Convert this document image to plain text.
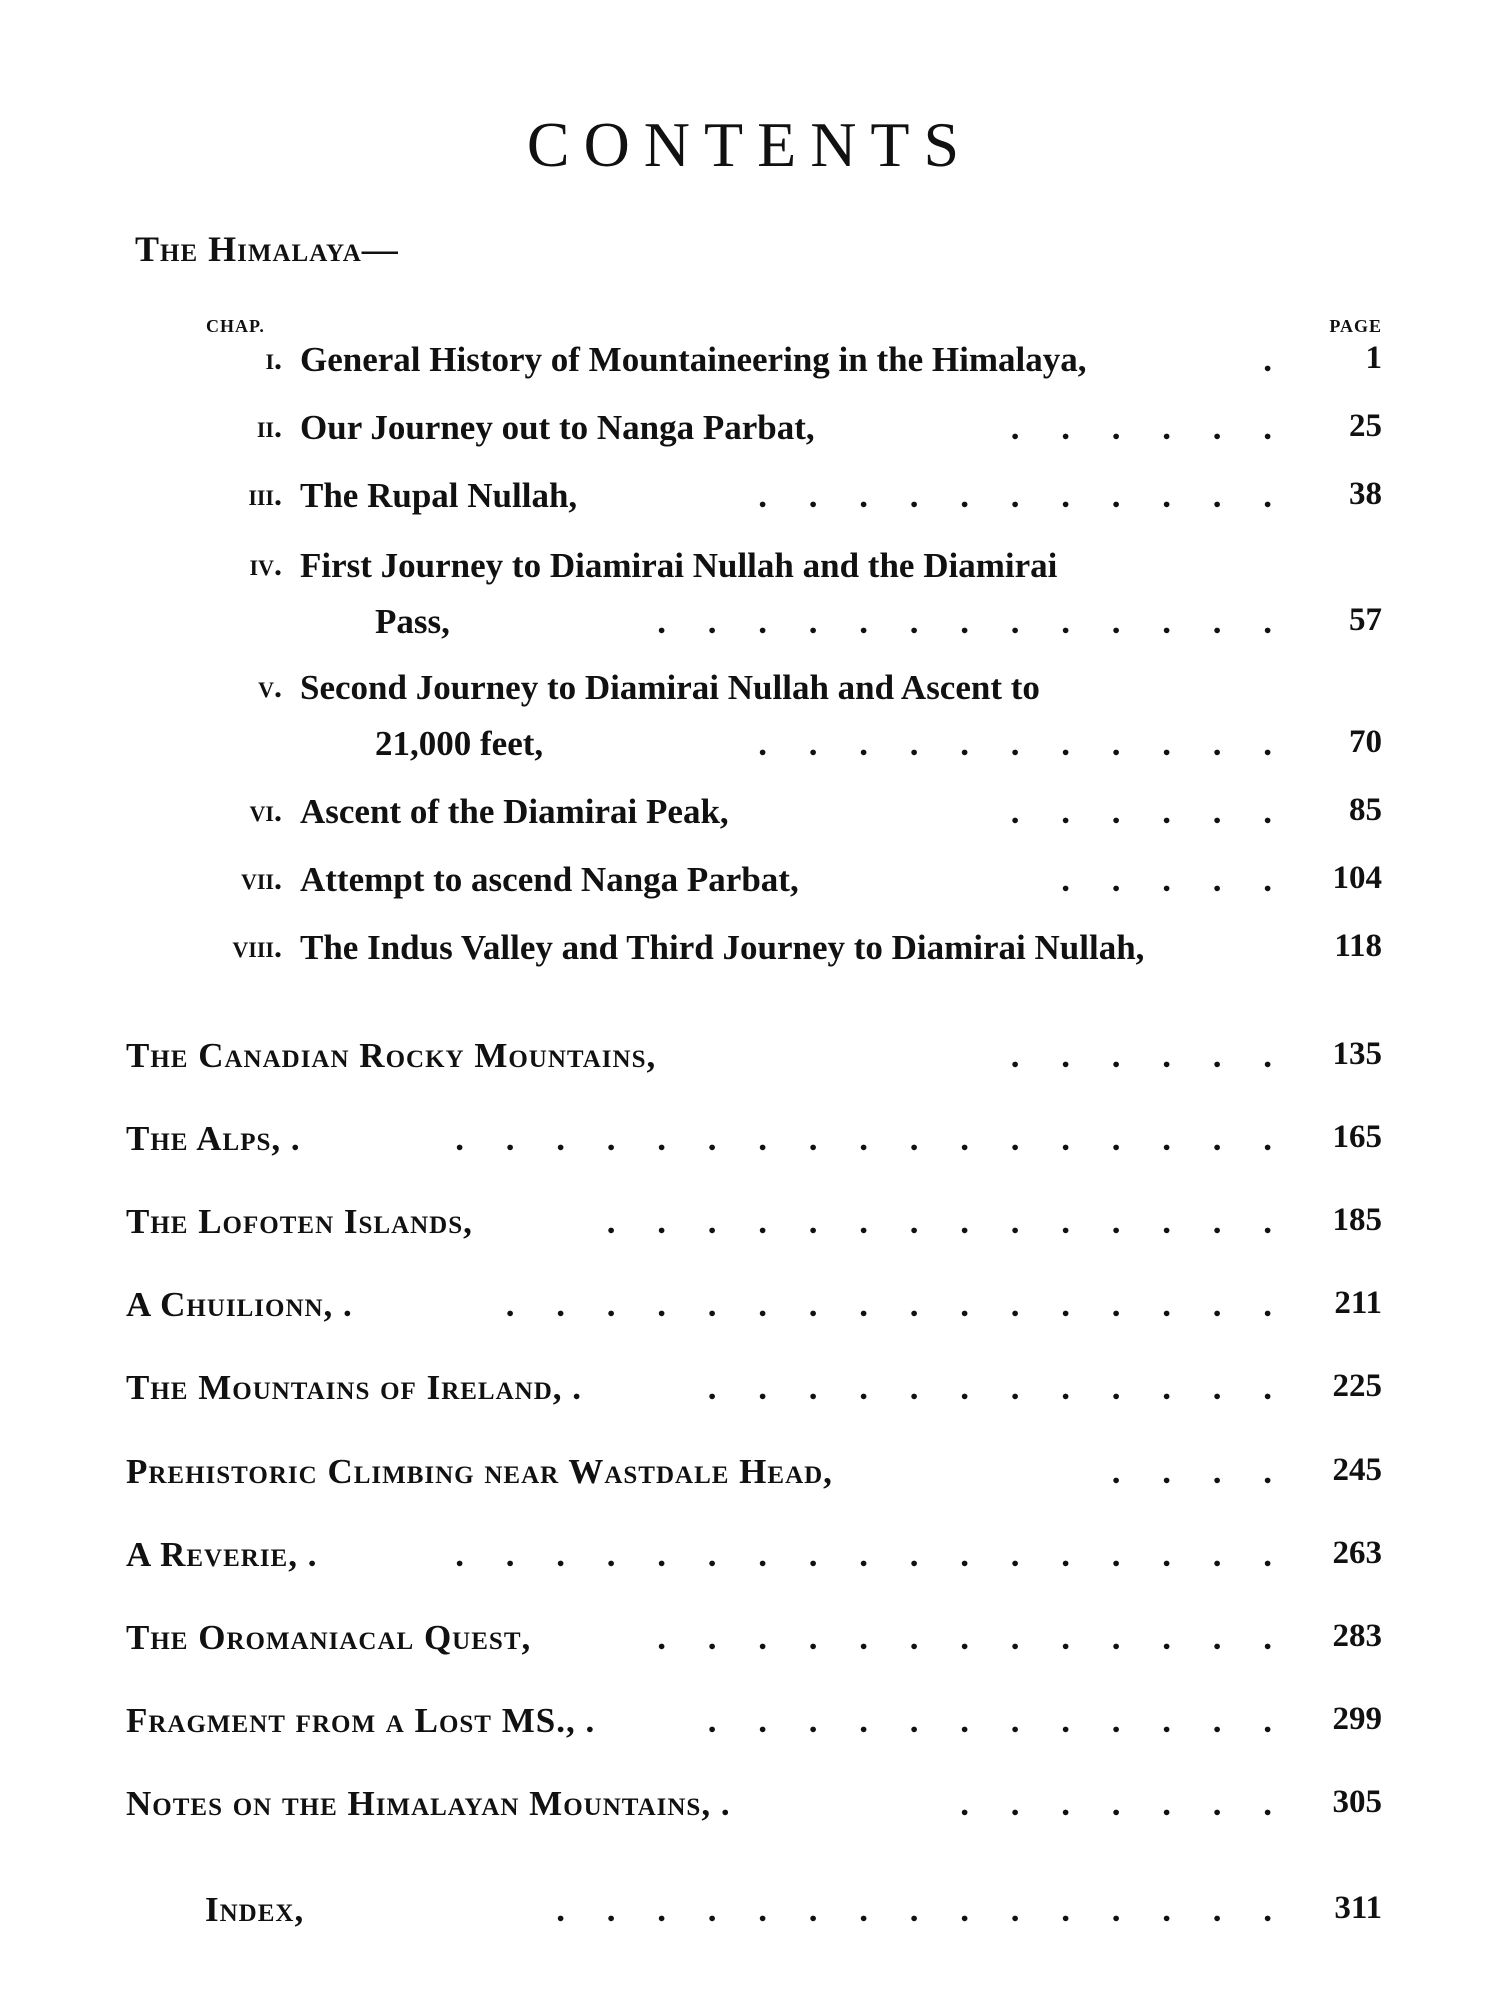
CONTENTS
The Himalaya—
CHAP.	PAGE
i. General History of Mountaineering in the Himalaya,	.	1
ii. Our Journey out to Nanga Parbat,	. . . . . . 25
iii. The Rupal Nullah,	. . . . . . . . . . . 38
iv. First Journey to Diamirai Nullah and the Diamirai
Pass,	. . . . . . . . . . . . . 57
v. Second Journey to Diamirai Nullah and Ascent to
21,000 feet,	. . . . . . . . . . . 70
vi. Ascent of the Diamirai Peak,	. . . . . . 85
vii. Attempt to ascend Nanga Parbat,	. . . . . 104
viii. The Indus Valley and Third Journey to Diamirai Nullah,	118
The Canadian Rocky Mountains,	. . . . . . 135
The Alps, .	. . . . . . . . . . . . . . . . . 165
The Lofoten Islands,	. . . . . . . . . . . . . . 185
A Chuilionn, .	. . . . . . . . . . . . . . . . 211
The Mountains of Ireland, .	. . . . . . . . . . . . 225
Prehistoric Climbing near Wastdale Head,	. . . . 245
A Reverie, .	. . . . . . . . . . . . . . . . . 263
The Oromaniacal Quest,	. . . . . . . . . . . . . 283
Fragment from a Lost MS., .	. . . . . . . . . . . . 299
Notes on the Himalayan Mountains, .	. . . . . . . 305
Index,	. . . . . . . . . . . . . . . 311
